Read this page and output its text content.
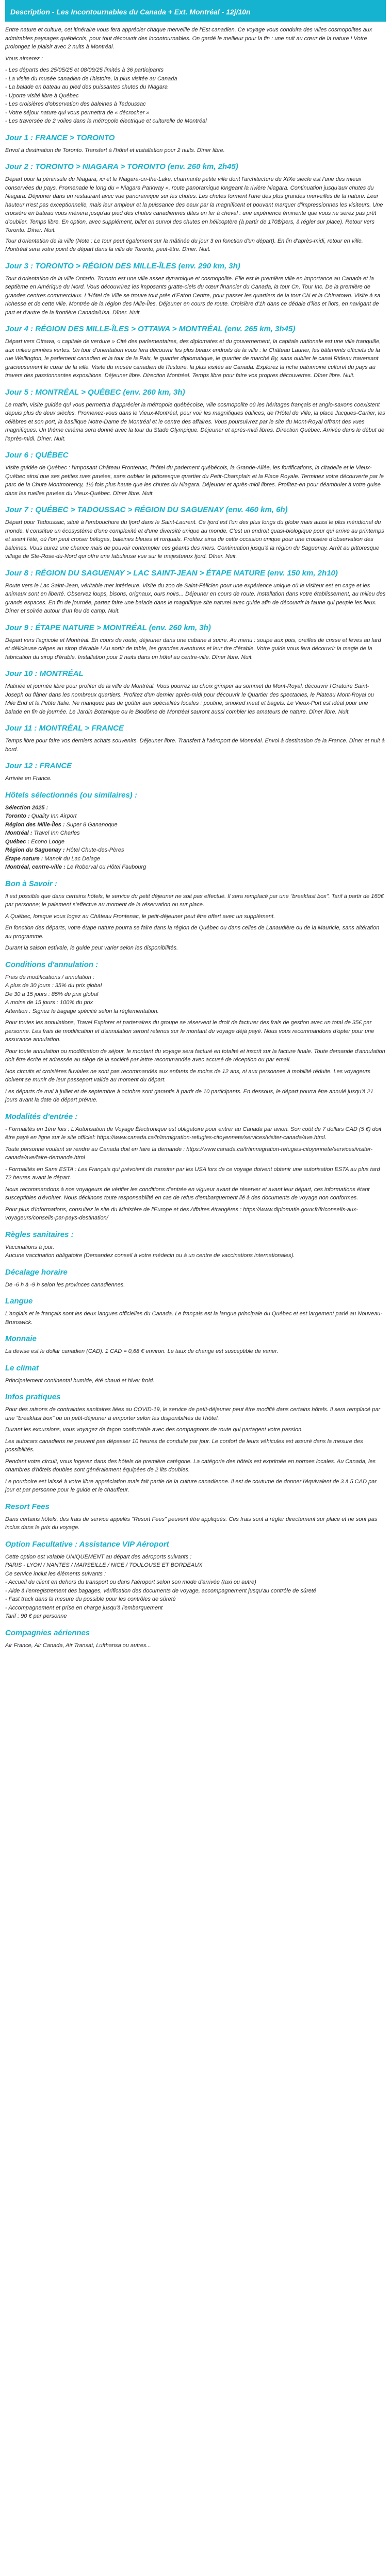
Description - Les Incontournables du Canada + Ext. Montréal - 12j/10n

Entre nature et culture, cet itinéraire vous fera apprécier chaque merveille de l'Est canadien. Ce voyage vous conduira des villes cosmopolites aux admirables paysages québécois, pour tout découvrir des incontournables. On gardé le meilleur pour la fin : une nuit au cœur de la nature ! Votre prolongez le plaisir avec 2 nuits à Montréal.

Vous aimerez :

- Les départs des 25/05/25 et 08/09/25 limités à 36 participants
- La visite du musée canadien de l'histoire, la plus visitée au Canada
- La balade en bateau au pied des puissantes chutes du Niagara
- Uporte visité libre à Québec
- Les croisières d'observation des baleines à Tadoussac
- Votre séjour nature qui vous permettra de « décrocher »
- Les traversée de 2 voiles dans la métropole électrique et culturelle de Montréal
Jour 1 : FRANCE > TORONTO

Envol à destination de Toronto. Transfert à l'hôtel et installation pour 2 nuits. Dîner libre.

Jour 2 : TORONTO > NIAGARA > TORONTO (env. 260 km, 2h45)

Départ pour la péninsule du Niagara, ici et le Niagara-on-the-Lake, charmante petite ville dont l'architecture du XIXe siècle est l'une des mieux conservées du pays. Promenade le long du « Niagara Parkway », route panoramique longeant la rivière Niagara. Continuation jusqu'aux chutes du Niagara. Déjeuner dans un restaurant avec vue panoramique sur les chutes. Les chutes forment l'une des plus grandes merveilles de la nature. Leur hauteur n'est pas exceptionnelle, mais leur ampleur et la puissance des eaux par la magnificent et pouvant marquer d'impressionnes les visiteurs. Une croisière en bateau vous mènera jusqu'au pied des chutes canadiennes dites en fer à cheval : une expérience éminente que vous ne serez pas prêt d'oublier. Temps libre. En option, avec supplément, billet en survol des chutes en hélicoptère (à partir de 170$/pers, à régler sur place). Retour vers Toronto. Dîner. Nuit.

Tour d'orientation de la ville (Note : Le tour peut également sur la mâtinée du jour 3 en fonction d'un départ). En fin d'après-midi, retour en ville. Montréal sera votre point de départ dans la ville de Toronto, peut-être. Dîner. Nuit.

Jour 3 : TORONTO > RÉGION DES MILLE-ÎLES (env. 290 km, 3h)

Tour d'orientation de la ville Ontario. Toronto est une ville assez dynamique et cosmopolite. Elle est le première ville en importance au Canada et la septième en Amérique du Nord. Vous découvrirez les imposants gratte-ciels du cœur financier du Canada, la tour Cn, Tour Inc. De la première de grandes centres commerciaux. L'Hôtel de Ville se trouve tout près d'Eaton Centre, pour passer les quartiers de la tour CN et la Chinatown. Visite à sa richesse et de cette ville. Montrée de la région des Mille-Îles. Déjeuner en cours de route. Croisière d'1h dans ce dédale d'îles et îlots, en navigant de part et d'autre de la frontière Canada/Usa. Dîner. Nuit.

Jour 4 : RÉGION DES MILLE-ÎLES > OTTAWA > MONTRÉAL (env. 265 km, 3h45)

Départ vers Ottawa, « capitale de verdure » Cité des parlementaires, des diplomates et du gouvernement, la capitale nationale est une ville tranquille, aux milieu pinnées vertes. Un tour d'orientation vous fera découvrir les plus beaux endroits de la ville : le Château Laurier, les bâtiments officiels de la rue Wellington, le parlement canadien et la tour de la Paix, le quartier diplomatique, le quartier de marché By, sans oublier le canal Rideau traversant gracieusement le cœur de la ville. Visite du musée canadien de l'histoire, la plus visitée au Canada. Explorez la riche patrimoine culturel du pays au travers des passionnantes expositions. Déjeuner libre. Direction Montréal. Temps libre pour faire vos propres découvertes. Dîner libre. Nuit.

Jour 5 : MONTRÉAL > QUÉBEC (env. 260 km, 3h)

Le matin, visite guidée qui vous permettra d'apprécier la métropole québécoise, ville cosmopolite où les héritages français et anglo-saxons coexistent depuis plus de deux siècles. Promenez-vous dans le Vieux-Montréal, pour voir les magnifiques édifices, de l'Hôtel de Ville, la place Jacques-Cartier, les célèbres et son port, la basilique Notre-Dame de Montréal et le centre des affaires. Vous poursuivrez par le site du Mont-Royal offrant des vues magnifiques. Un thème cinéma sera donné avec la tour du Stade Olympique. Déjeuner et après-midi libres. Direction Québec. Arrivée dans le début de l'après-midi. Dîner. Nuit.

Jour 6 : QUÉBEC

Visite guidée de Québec : l'imposant Château Frontenac, l'hôtel du parlement québécois, la Grande-Allée, les fortifications, la citadelle et le Vieux-Québec ainsi que ses petites rues pavées, sans oublier le pittoresque quartier du Petit-Champlain et la Place Royale. Terminez votre découverte par le parc de la Chute Montmorency, 1½ fois plus haute que les chutes du Niagara. Déjeuner et après-midi libres. Profitez-en pour déambuler à votre guise dans les ruelles pavées du Vieux-Québec. Dîner libre. Nuit.

Jour 7 : QUÉBEC > TADOUSSAC > RÉGION DU SAGUENAY (env. 460 km, 6h)

Départ pour Tadoussac, situé à l'embouchure du fjord dans le Saint-Laurent. Ce fjord est l'un des plus longs du globe mais aussi le plus méridional du monde. Il constitue un écosystème d'une complexité et d'une diversité unique au monde. C'est un endroit quasi-biologique pour qui arrive au printemps et avant l'été, où l'on peut croiser bélugas, baleines bleues et rorquals. Profitez ainsi de cette occasion unique pour une croisière d'observation des baleines. Vous aurez une chance mais de pouvoir contempler ces géants des mers. Continuation jusqu'à la région du Saguenay. Arrêt au pittoresque village de Ste-Rose-du-Nord qui offre une fabuleuse vue sur le majestueux fjord. Dîner. Nuit.

Jour 8 : RÉGION DU SAGUENAY > LAC SAINT-JEAN > ÉTAPE NATURE (env. 150 km, 2h10)

Route vers le Lac Saint-Jean, véritable mer intérieure. Visite du zoo de Saint-Félicien pour une expérience unique où le visiteur est en cage et les animaux sont en liberté. Observez loups, bisons, orignaux, ours noirs... Déjeuner en cours de route. Installation dans votre établissement, au milieu des grands espaces. En fin de journée, partez faire une balade dans le magnifique site naturel avec guide afin de découvrir la faune qui peuple les lieux. Dîner et soirée autour d'un feu de camp. Nuit.

Jour 9 : ÉTAPE NATURE > MONTRÉAL (env. 260 km, 3h)

Départ vers l'agricole et Montréal. En cours de route, déjeuner dans une cabane à sucre. Au menu : soupe aux pois, oreilles de crisse et fèves au lard et délicieuse crêpes au sirop d'érable ! Au sortir de table, les grandes aventures et leur tire d'érable. Votre guide vous fera découvrir la magie de la fabrication du sirop d'érable. Installation pour 2 nuits dans un hôtel au centre-ville. Dîner libre. Nuit.

Jour 10 : MONTRÉAL

Matinée et journée libre pour profiter de la ville de Montréal. Vous pourrez au choix grimper au sommet du Mont-Royal, découvrir l'Oratoire Saint-Joseph ou flâner dans les nombreux quartiers. Profitez d'un dernier après-midi pour découvrir le Quartier des spectacles, le Plateau Mont-Royal ou Mile End et la Petite Italie. Ne manquez pas de goûter aux spécialités locales : poutine, smoked meat et bagels. Le Vieux-Port est idéal pour une balade en fin de journée. Le Jardin Botanique ou le Biodôme de Montréal sauront aussi combler les amateurs de nature. Dîner libre. Nuit.

Jour 11 : MONTRÉAL > FRANCE

Temps libre pour faire vos derniers achats souvenirs. Déjeuner libre. Transfert à l'aéroport de Montréal. Envol à destination de la France. Dîner et nuit à bord.

Jour 12 : FRANCE

Arrivée en France.

Hôtels sélectionnés (ou similaires) :
Sélection 2025 :
Toronto : Quality Inn Airport
Région des Mille-Îles : Super 8 Gananoque
Montréal : Travel Inn Charles
Québec : Econo Lodge
Région du Saguenay : Hôtel Chute-des-Pères
Étape nature : Manoir du Lac Delage
Montréal, centre-ville : Le Roberval ou Hôtel Faubourg
Bon à Savoir :

Il est possible que dans certains hôtels, le service du petit déjeuner ne soit pas effectué. Il sera remplacé par une "breakfast box". Tarif à partir de 160€ par personne; le paiement s'effectue au moment de la réservation ou sur place.

A Québec, lorsque vous logez au Château Frontenac, le petit-déjeuner peut être offert avec un supplément.

En fonction des départs, votre étape nature pourra se faire dans la région de Québec ou dans celles de Lanaudière ou de la Mauricie, sans altération au programme.

Durant la saison estivale, le guide peut varier selon les disponibilités.

Conditions d'annulation :

Frais de modifications / annulation :

A plus de 30 jours : 35% du prix global

De 30 à 15 jours : 85% du prix global

A moins de 15 jours : 100% du prix

Attention : Signez le bagage spécifié selon la réglementation.

Pour toutes les annulations, Travel Explorer et partenaires du groupe se réservent le droit de facturer des frais de gestion avec un total de 35€ par personne. Les frais de modification et d'annulation seront retenus sur le montant du voyage déjà payé. Nous vous recommandons d'opter pour une assurance annulation.

Pour toute annulation ou modification de séjour, le montant du voyage sera facturé en totalité et inscrit sur la facture finale. Toute demande d'annulation doit être écrite et adressée au siège de la société par lettre recommandée avec accusé de réception ou par email.

Nos circuits et croisières fluviales ne sont pas recommandés aux enfants de moins de 12 ans, ni aux personnes à mobilité réduite. Les voyageurs doivent se munir de leur passeport valide au moment du départ.

Les départs de mai à juillet et de septembre à octobre sont garantis à partir de 10 participants. En dessous, le départ pourra être annulé jusqu'à 21 jours avant la date de départ prévue.

Modalités d'entrée :

- Formalités en 1ère fois : L'Autorisation de Voyage Électronique est obligatoire pour entrer au Canada par avion. Son coût de 7 dollars CAD (5 €) doit être payé en ligne sur le site officiel: https://www.canada.ca/fr/immigration-refugies-citoyennete/services/visiter-canada/ave.html.

Toute personne voulant se rendre au Canada doit en faire la demande : https://www.canada.ca/fr/immigration-refugies-citoyennete/services/visiter-canada/ave/faire-demande.html

- Formalités en Sans ESTA : Les Français qui prévoient de transiter par les USA lors de ce voyage doivent obtenir une autorisation ESTA au plus tard 72 heures avant le départ.

Nous recommandons à nos voyageurs de vérifier les conditions d'entrée en vigueur avant de réserver et avant leur départ, ces informations étant susceptibles d'évoluer. Nous déclinons toute responsabilité en cas de refus d'embarquement lié à des documents de voyage non conformes.

Pour plus d'informations, consultez le site du Ministère de l'Europe et des Affaires étrangères : https://www.diplomatie.gouv.fr/fr/conseils-aux-voyageurs/conseils-par-pays-destination/

Règles sanitaires :

Vaccinations à jour.

Aucune vaccination obligatoire (Demandez conseil à votre médecin ou à un centre de vaccinations internationales).

Décalage horaire

De -6 h à -9 h selon les provinces canadiennes.

Langue

L'anglais et le français sont les deux langues officielles du Canada. Le français est la langue principale du Québec et est largement parlé au Nouveau-Brunswick.

Monnaie

La devise est le dollar canadien (CAD). 1 CAD = 0,68 € environ. Le taux de change est susceptible de varier.

Le climat

Principalement continental humide, été chaud et hiver froid.

Infos pratiques

Pour des raisons de contraintes sanitaires liées au COVID-19, le service de petit-déjeuner peut être modifié dans certains hôtels. Il sera remplacé par une "breakfast box" ou un petit-déjeuner à emporter selon les disponibilités de l'hôtel.

Durant les excursions, vous voyagez de façon confortable avec des compagnons de route qui partagent votre passion.

Les autocars canadiens ne peuvent pas dépasser 10 heures de conduite par jour. Le confort de leurs véhicules est assuré dans la mesure des possibilités.

Pendant votre circuit, vous logerez dans des hôtels de première catégorie. La catégorie des hôtels est exprimée en normes locales. Au Canada, les chambres d'hôtels doubles sont généralement équipées de 2 lits doubles.

Le pourboire est laissé à votre libre appréciation mais fait partie de la culture canadienne. Il est de coutume de donner l'équivalent de 3 à 5 CAD par jour et par personne pour le guide et le chauffeur.

Resort Fees

Dans certains hôtels, des frais de service appelés "Resort Fees" peuvent être appliqués. Ces frais sont à régler directement sur place et ne sont pas inclus dans le prix du voyage.

Option Facultative : Assistance VIP Aéroport

Cette option est valable UNIQUEMENT au départ des aéroports suivants :

PARIS - LYON / NANTES / MARSEILLE / NICE / TOULOUSE ET BORDEAUX

Ce service inclut les éléments suivants :

- Accueil du client en dehors du transport ou dans l'aéroport selon son mode d'arrivée (taxi ou autre)

- Aide à l'enregistrement des bagages, vérification des documents de voyage, accompagnement jusqu'au contrôle de sûreté

- Fast track dans la mesure du possible pour les contrôles de sûreté

- Accompagnement et prise en charge jusqu'à l'embarquement

Tarif : 90 € par personne

Compagnies aériennes

Air France, Air Canada, Air Transat, Lufthansa ou autres...
